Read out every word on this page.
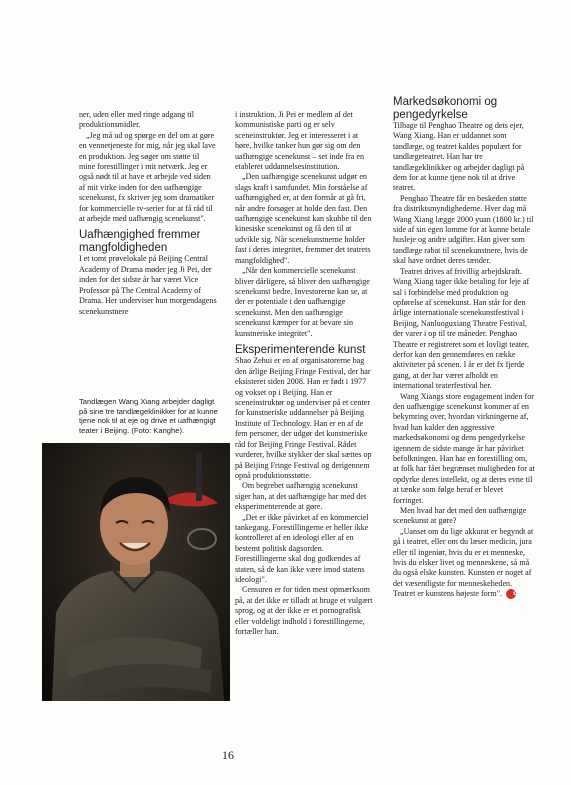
ner, uden eller med ringe adgang til produktionsmidler.

„Jeg må ud og spørge en del om at gøre en vennetjeneste for mig, når jeg skal lave en produktion. Jeg søger om støtte til mine forestillinger i mit netværk. Jeg er også nødt til at have et arbejde ved siden af mit virke inden for den uafhængige scenekunst, fx skriver jeg som dramatiker for kommercielle tv-serier for at få råd til at arbejde med uafhængig scenekunst".

Uafhængighed fremmer mangfoldigheden

I et tomt prøvelokale på Beijing Central Academy of Drama møder jeg Ji Pei, der inden for det sidste år har været Vice Professor på The Central Academy of Drama. Her underviser hun morgendagens scenekunstnere

Tandlægen Wang Xiang arbejder dagligt på sine tre tandlægeklinikker for at kunne tjene nok til at eje og drive et uafhængigt teater i Beijing. (Foto: Kanghe).

i instruktion. Ji Pei er medlem af det kommunistiske parti og er selv sceneinstruktør. Jeg er interesseret i at høre, hvilke tanker hun gør sig om den uafhængige scenekunst – set inde fra en etableret uddannelsesinstitution.

„Den uafhængige scenekunst udgør en slags kraft i samfundet. Min forståelse af uafhængighed er, at den formår at gå fri, når andre forsøger at holde den fast. Den uafhængige scenekunst kan skubbe til den kinesiske scenekunst og få den til at udvikle sig. Når scenekunstnerne holder fast i deres integritet, fremmer det teatrets mangfoldighed".

„Når den kommercielle scenekunst bliver dårligere, så bliver den uafhængige scenekunst bedre. Investorerne kan se, at der er potentiale i den uafhængige scenekunst. Men den uafhængige scenekunst kæmper for at bevare sin kunstneriske integritet".

Eksperimenterende kunst

Shao Zehui er en af organisatorerne bag den årlige Beijing Fringe Festival, der har eksisteret siden 2008. Han er født i 1977 og vokset op i Beijing. Han er sceneinstruktør og underviser på et center for kunstneriske uddannelser på Beijing Institute of Technology. Han er en af de fem personer, der udgør det kunstneriske råd for Beijing Fringe Festival. Rådet vurderer, hvilke stykker der skal sættes op på Beijing Fringe Festival og derigennem opnå produktionsstøtte.

Om begrebet uafhængig scenekunst siger han, at det uafhængige har med det eksperimenterende at gøre.

„Det er ikke påvirket af en kommerciel tankegang. Forestillingerne er heller ikke kontrolleret af en ideologi eller af en bestemt politisk dagsorden. Forestillingerne skal dog godkendes af staten, så de kan ikke være imod statens ideologi".

Censuren er for tiden mest opmærksom på, at det ikke er tilladt at bruge et vulgært sprog, og at der ikke er et pornografisk eller voldeligt indhold i forestillingerne, fortæller han.

Markedsøkonomi og pengedyrkelse

Tilbage til Penghao Theatre og dets ejer, Wang Xiang. Han er uddannet som tandlæge, og teatret kaldes populært for tandlægeteatret. Han har tre tandlægeklinikker og arbejder dagligt på dem for at kunne tjene nok til at drive teatret.

Penghao Theatre får en beskeden støtte fra distriktsmyndighederne. Hver dag må Wang Xiang lægge 2000 yuan (1800 kr.) til side af sin egen lomme for at kunne betale husleje og andre udgifter. Han giver som tandlæge rabat til scenekunstnere, hvis de skal have ordnet deres tænder.

Teatret drives af frivillig arbejdskraft. Wang Xiang tager ikke betaling for leje af sal i forbindelse med produktion og opførelse af scenekunst. Han står for den årlige internationale scenekunstfestival i Beijing, Nanluoguxiang Theatre Festival, der varer i op til tre måneder. Penghao Theatre er registreret som et lovligt teater, derfor kan den gennemføres en række aktiviteter på scenen. I år er det fx fjerde gang, at der har været afholdt en international teaterfestival her.

Wang Xiangs store engagement inden for den uafhængige scenekunst kommer af en bekymring over, hvordan virkningerne af, hvad han kalder den aggressive markedsøkonomi og dens pengedyrkelse igennem de sidste mange år har påvirket befolkningen. Han har en forestilling om, at folk har fået begrænset muligheden for at opdyrke deres intellekt, og at deres evne til at tænke som følge heraf er blevet forringet.

Men hvad har det med den uafhængige scenekunst at gøre?

„Uanset om du lige akkurat er begyndt at gå i teatret, eller om du læser medicin, jura eller til ingeniør, hvis du er et menneske, hvis du elsker livet og menneskene, så må du også elske kunsten. Kunsten er noget af det væsentligste for menneskeheden. Teatret er kunstens højeste form". ✿

16
